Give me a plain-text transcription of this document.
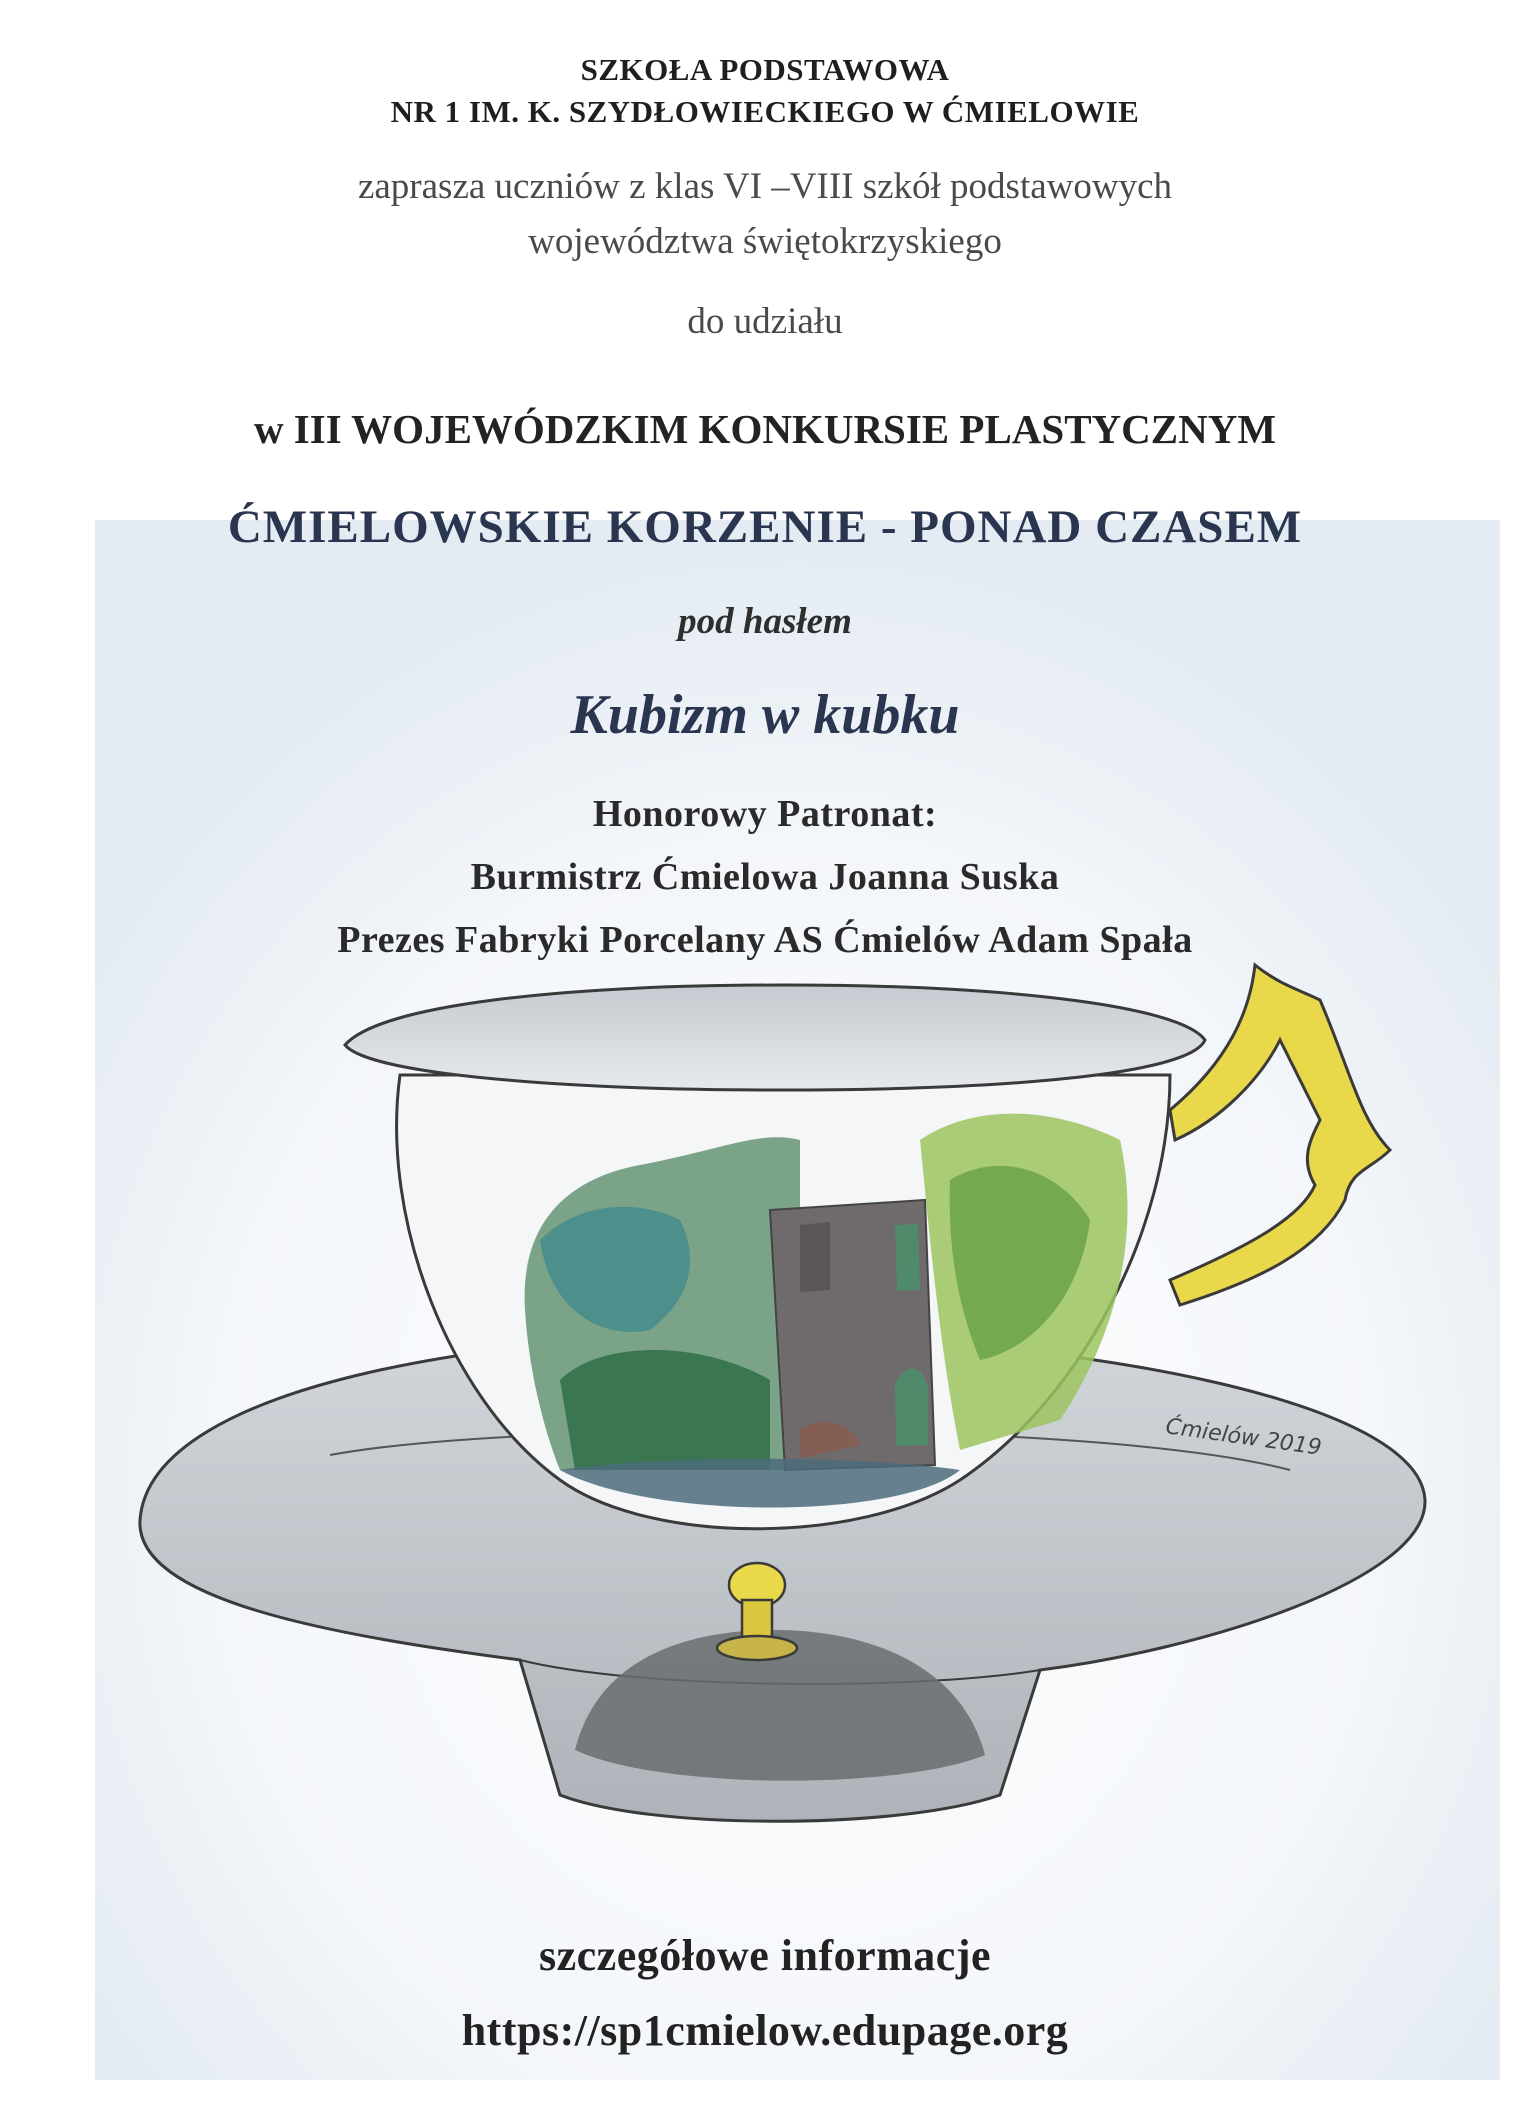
SZKOŁA PODSTAWOWA
NR 1 IM. K. SZYDŁOWIECKIEGO W ĆMIELOWIE
zaprasza uczniów z klas VI –VIII szkół podstawowych
województwa świętokrzyskiego
do udziału
w III WOJEWÓDZKIM KONKURSIE PLASTYCZNYM
ĆMIELOWSKIE KORZENIE - PONAD CZASEM
pod hasłem
Kubizm w kubku
Honorowy Patronat:
Burmistrz Ćmielowa Joanna Suska
Prezes Fabryki Porcelany AS Ćmielów Adam Spała
Ćmielów 2019
szczegółowe informacje
https://sp1cmielow.edupage.org
